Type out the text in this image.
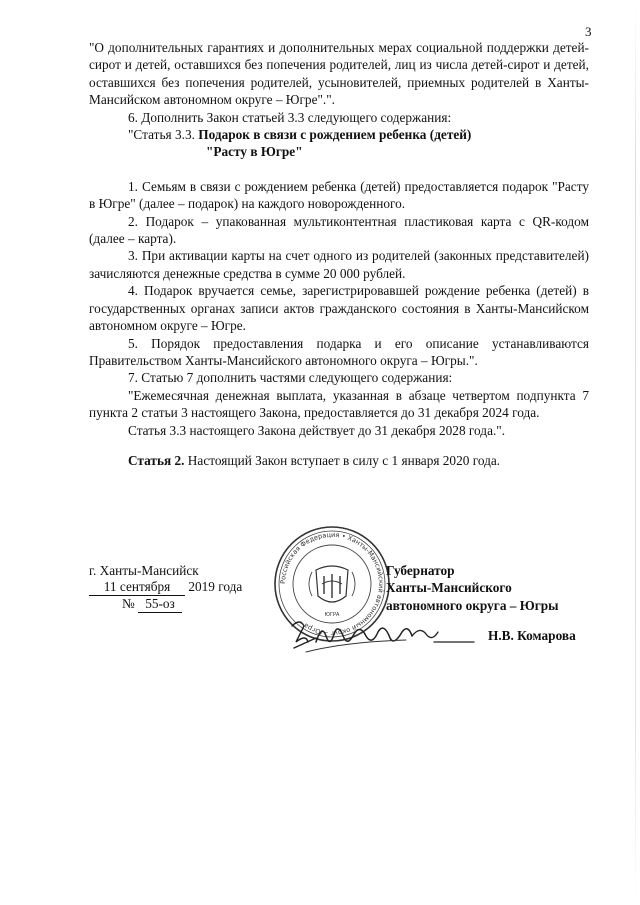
3

"О дополнительных гарантиях и дополнительных мерах социальной поддержки детей-сирот и детей, оставшихся без попечения родителей, лиц из числа детей-сирот и детей, оставшихся без попечения родителей, усыновителей, приемных родителей в Ханты-Мансийском автономном округе – Югре".".

6. Дополнить Закон статьей 3.3 следующего содержания:

"Статья 3.3. Подарок в связи с рождением ребенка (детей)

"Расту в Югре"

1. Семьям в связи с рождением ребенка (детей) предоставляется подарок "Расту в Югре" (далее – подарок) на каждого новорожденного.

2. Подарок – упакованная мультиконтентная пластиковая карта с QR-кодом (далее – карта).

3. При активации карты на счет одного из родителей (законных представителей) зачисляются денежные средства в сумме 20 000 рублей.

4. Подарок вручается семье, зарегистрировавшей рождение ребенка (детей) в государственных органах записи актов гражданского состояния в Ханты-Мансийском автономном округе – Югре.

5. Порядок предоставления подарка и его описание устанавливаются Правительством Ханты-Мансийского автономного округа – Югры.".

7. Статью 7 дополнить частями следующего содержания:

"Ежемесячная денежная выплата, указанная в абзаце четвертом подпункта 7 пункта 2 статьи 3 настоящего Закона, предоставляется до 31 декабря 2024 года.

Статья 3.3 настоящего Закона действует до 31 декабря 2028 года.".

Статья 2. Настоящий Закон вступает в силу с 1 января 2020 года.

г. Ханты-Мансийск
11 сентября 2019 года
№ 55-оз
Российская Федерация • Ханты-Мансийский автономный округ – Югра •
ЮГРА
Губернатор
Ханты-Мансийского
автономного округа – Югры
Н.В. Комарова
